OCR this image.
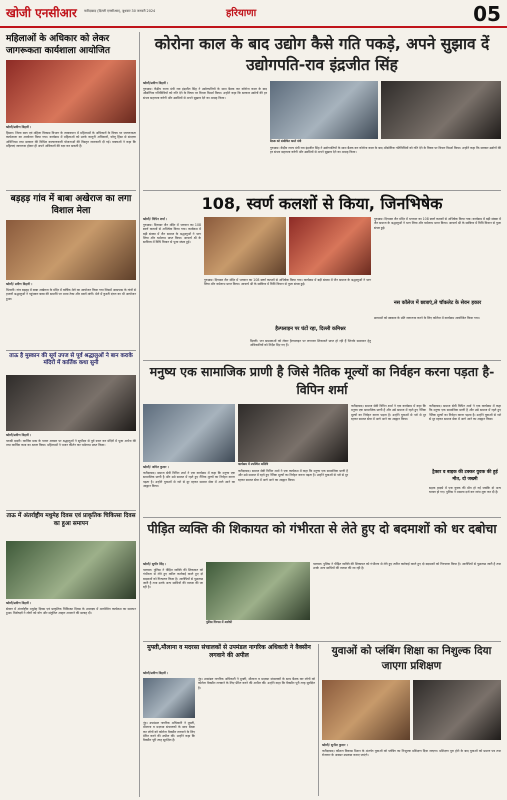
खोजी एनसीआर	फरीदाबाद (दिल्ली एनसीआर), बुधवार 30 जनवरी 2024	हरियाणा	05
महिलाओं के अधिकार को लेकर जागरूकता कार्यशाला आयोजित
खोजी/प्रवीण बिहारी ।
हिसार। जिला बाल एवं महिला विकास विभाग के तत्वावधान में महिलाओं के अधिकारों के विषय पर जागरूकता कार्यशाला का आयोजन किया गया। कार्यक्रम में महिलाओं को उनके कानूनी अधिकारों, घरेलू हिंसा से संरक्षण अधिनियम तथा सरकार की विभिन्न कल्याणकारी योजनाओं की विस्तृत जानकारी दी गई। वक्ताओं ने कहा कि महिलाएं जागरूक होकर ही अपने अधिकारों की रक्षा कर सकती हैं।
बड़हड़ गांव में बाबा अखेराज का लगा विशाल मेला
खोजी/ प्रवीण बिहारी ।
भिवानी। गांव बड़हड़ में बाबा अखेराज के मंदिर में वार्षिक मेले का आयोजन किया गया जिसमें आसपास के गांवों से हजारों श्रद्धालुओं ने पहुंचकर बाबा की समाधि पर माथा टेका और मन्नतें मांगी। मेले में कुश्ती दंगल का भी आयोजन हुआ।
ताऊ है मुस्कान की सूर्य उपज से पूर्व श्रद्धालुओं ने बान कराके मंदिरों में कार्तिक कथा सुनी
खोजी/प्रवीण बिहारी ।
चरखी दादरी। कार्तिक मास के पावन अवसर पर श्रद्धालुओं ने सूर्योदय से पूर्व स्नान कर मंदिरों में पूजा अर्चना की तथा कार्तिक कथा का श्रवण किया। महिलाओं ने भजन कीर्तन कर धर्मलाभ प्राप्त किया।
ताऊ में अंतर्राष्ट्रीय मधुमेह दिवस एवं प्राकृतिक चिकित्सा दिवस का हुआ समापन
खोजी/प्रवीण बिहारी ।
सेक्टर में अंतर्राष्ट्रीय मधुमेह दिवस एवं प्राकृतिक चिकित्सा दिवस के उपलक्ष्य में आयोजित कार्यक्रम का समापन हुआ। विशेषज्ञों ने लोगों को योग और संतुलित आहार अपनाने की सलाह दी।
कोरोना काल के बाद उद्योग कैसे गति पकड़े, अपने सुझाव दें उद्योगपति-राव इंद्रजीत सिंह
खोजी/प्रवीण बिहारी ।
गुरुग्राम। केंद्रीय राज्य मंत्री राव इंद्रजीत सिंह ने उद्योगपतियों के साथ बैठक कर कोरोना काल के बाद औद्योगिक गतिविधियों को गति देने के विषय पर विचार विमर्श किया। उन्होंने कहा कि सरकार उद्योगों की हर संभव सहायता करेगी और उद्यमियों से अपने सुझाव देने का आग्रह किया।
बैठक को संबोधित करते मंत्री
गुरुग्राम। केंद्रीय राज्य मंत्री राव इंद्रजीत सिंह ने उद्योगपतियों के साथ बैठक कर कोरोना काल के बाद औद्योगिक गतिविधियों को गति देने के विषय पर विचार विमर्श किया। उन्होंने कहा कि सरकार उद्योगों की हर संभव सहायता करेगी और उद्यमियों से अपने सुझाव देने का आग्रह किया।
108, स्वर्ण कलशों से किया, जिनभिषेक
खोजी/ विपिन शर्मा ।
गुरुग्राम। दिगम्बर जैन मंदिर में भगवान का 108 स्वर्ण कलशों से अभिषेक किया गया। कार्यक्रम में बड़ी संख्या में जैन समाज के श्रद्धालुओं ने भाग लिया और धर्मलाभ प्राप्त किया। आचार्य श्री के सान्निध्य में विधि विधान से पूजा संपन्न हुई।
गुरुग्राम। दिगम्बर जैन मंदिर में भगवान का 108 स्वर्ण कलशों से अभिषेक किया गया। कार्यक्रम में बड़ी संख्या में जैन समाज के श्रद्धालुओं ने भाग लिया और धर्मलाभ प्राप्त किया। आचार्य श्री के सान्निध्य में विधि विधान से पूजा संपन्न हुई।
हैल्पलाइन पर घंटों रहा, दिल्ली कमिश्नर
दिल्ली। जन समस्याओं को लेकर हैल्पलाइन पर लगातार शिकायतें प्राप्त हो रही हैं जिनके समाधान हेतु अधिकारियों को निर्देश दिए गए हैं।
गुरुग्राम। दिगम्बर जैन मंदिर में भगवान का 108 स्वर्ण कलशों से अभिषेक किया गया। कार्यक्रम में बड़ी संख्या में जैन समाज के श्रद्धालुओं ने भाग लिया और धर्मलाभ प्राप्त किया। आचार्य श्री के सान्निध्य में विधि विधान से पूजा संपन्न हुई।
नस कॉलेज में छात्राएं,ले चॉकलेट के सेवन हकार
छात्राओं को स्वास्थ्य के प्रति जागरूक करने के लिए कॉलेज में कार्यक्रम आयोजित किया गया।
मनुष्य एक सामाजिक प्राणी है जिसे नैतिक मूल्यों का निर्वहन करना पड़ता है-विपिन शर्मा
कार्यक्रम में उपस्थित अतिथि
खोजी/ अमित कुमार ।
फरीदाबाद। समाज सेवी विपिन शर्मा ने एक कार्यक्रम में कहा कि मनुष्य एक सामाजिक प्राणी है और उसे समाज में रहते हुए नैतिक मूल्यों का निर्वहन करना पड़ता है। उन्होंने युवाओं से नशे से दूर रहकर समाज सेवा में आगे आने का आह्वान किया।
फरीदाबाद। समाज सेवी विपिन शर्मा ने एक कार्यक्रम में कहा कि मनुष्य एक सामाजिक प्राणी है और उसे समाज में रहते हुए नैतिक मूल्यों का निर्वहन करना पड़ता है। उन्होंने युवाओं से नशे से दूर रहकर समाज सेवा में आगे आने का आह्वान किया।
फरीदाबाद। समाज सेवी विपिन शर्मा ने एक कार्यक्रम में कहा कि मनुष्य एक सामाजिक प्राणी है और उसे समाज में रहते हुए नैतिक मूल्यों का निर्वहन करना पड़ता है। उन्होंने युवाओं से नशे से दूर रहकर समाज सेवा में आगे आने का आह्वान किया।
फरीदाबाद। समाज सेवी विपिन शर्मा ने एक कार्यक्रम में कहा कि मनुष्य एक सामाजिक प्राणी है और उसे समाज में रहते हुए नैतिक मूल्यों का निर्वहन करना पड़ता है। उन्होंने युवाओं से नशे से दूर रहकर समाज सेवा में आगे आने का आह्वान किया।
ट्रैक्टर व बाइक की टक्कर युवक की हुई मौत, दो जख्मी
सड़क हादसे में एक युवक की मौत हो गई जबकि दो अन्य घायल हो गए। पुलिस ने मामला दर्ज कर जांच शुरू कर दी है।
पीड़ित व्यक्ति की शिकायत को गंभीरता से लेते हुए दो बदमाशों को धर दबोचा
खोजी/ सुधीर सिंह ।
पलवल। पुलिस ने पीड़ित व्यक्ति की शिकायत को गंभीरता से लेते हुए त्वरित कार्रवाई करते हुए दो बदमाशों को गिरफ्तार किया है। आरोपियों से पूछताछ जारी है तथा उनके अन्य साथियों की तलाश की जा रही है।
पुलिस गिरफ्त में आरोपी
पलवल। पुलिस ने पीड़ित व्यक्ति की शिकायत को गंभीरता से लेते हुए त्वरित कार्रवाई करते हुए दो बदमाशों को गिरफ्तार किया है। आरोपियों से पूछताछ जारी है तथा उनके अन्य साथियों की तलाश की जा रही है।
मुफ्ती,मौलाना व मदरसा संचालकों से उपमंडल नागरिक अधिकारी ने वैक्सीन लगवाने की अपील
खोजी/प्रवीण बिहारी ।
नूंह। उपमंडल नागरिक अधिकारी ने मुफ्ती, मौलाना व मदरसा संचालकों के साथ बैठक कर लोगों को कोरोना वैक्सीन लगवाने के लिए प्रेरित करने की अपील की। उन्होंने कहा कि वैक्सीन पूरी तरह सुरक्षित है।
नूंह। उपमंडल नागरिक अधिकारी ने मुफ्ती, मौलाना व मदरसा संचालकों के साथ बैठक कर लोगों को कोरोना वैक्सीन लगवाने के लिए प्रेरित करने की अपील की। उन्होंने कहा कि वैक्सीन पूरी तरह सुरक्षित है।
युवाओं को प्लंबिंग शिक्षा का निशुल्क दिया जाएगा प्रशिक्षण
खोजी/ सुनील कुमार ।
फरीदाबाद। कौशल विकास मिशन के अंतर्गत युवाओं को प्लंबिंग का निःशुल्क प्रशिक्षण दिया जाएगा। प्रशिक्षण पूरा होने के बाद युवाओं को प्रमाण पत्र तथा रोजगार के अवसर उपलब्ध कराए जाएंगे।
